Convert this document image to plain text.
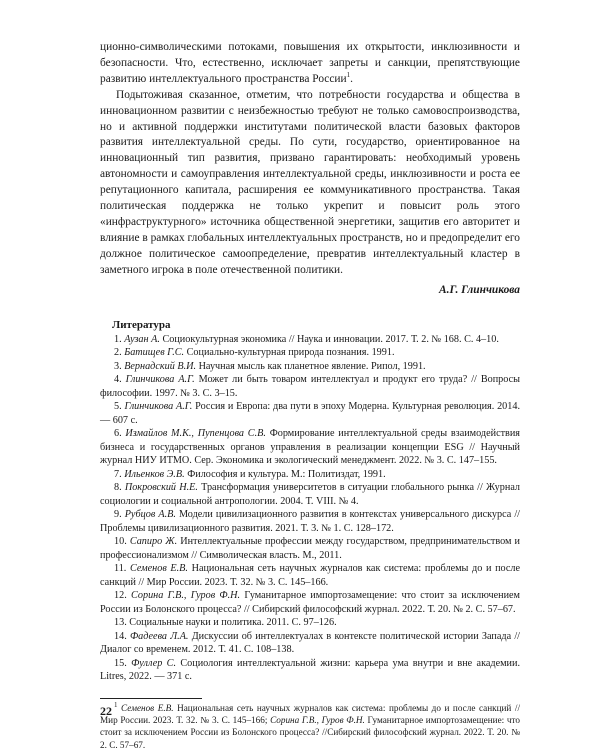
ционно-символическими потоками, повышения их открытости, инклюзивности и безопасности. Что, естественно, исключает запреты и санкции, препятствующие развитию интеллектуального пространства России$^1$.

Подытоживая сказанное, отметим, что потребности государства и общества в инновационном развитии с неизбежностью требуют не только самовоспроизводства, но и активной поддержки институтами политической власти базовых факторов развития интеллектуальной среды. По сути, государство, ориентированное на инновационный тип развития, призвано гарантировать: необходимый уровень автономности и самоуправления интеллектуальной среды, инклюзивности и роста ее репутационного капитала, расширения ее коммуникативного пространства. Такая политическая поддержка не только укрепит и повысит роль этого «инфраструктурного» источника общественной энергетики, защитив его авторитет и влияние в рамках глобальных интеллектуальных пространств, но и предопределит его должное политическое самоопределение, превратив интеллектуальный кластер в заметного игрока в поле отечественной политики.

А.Г. Глинчикова

Литература

1. Аузан А. Социокультурная экономика // Наука и инновации. 2017. Т. 2. № 168. С. 4–10.

2. Батищев Г.С. Социально-культурная природа познания. 1991.

3. Вернадский В.И. Научная мысль как планетное явление. Рипол, 1991.

4. Глинчикова А.Г. Может ли быть товаром интеллектуал и продукт его труда? // Вопросы философии. 1997. № 3. С. 3–15.

5. Глинчикова А.Г. Россия и Европа: два пути в эпоху Модерна. Культурная революция. 2014. — 607 с.

6. Измайлов М.К., Пупенцова С.В. Формирование интеллектуальной среды взаимодействия бизнеса и государственных органов управления в реализации концепции ESG // Научный журнал НИУ ИТМО. Сер. Экономика и экологический менеджмент. 2022. № 3. С. 147–155.

7. Ильенков Э.В. Философия и культура. М.: Политиздат, 1991.

8. Покровский Н.Е. Трансформация университетов в ситуации глобального рынка // Журнал социологии и социальной антропологии. 2004. Т. VIII. № 4.

9. Рубцов А.В. Модели цивилизационного развития в контекстах универсального дискурса // Проблемы цивилизационного развития. 2021. Т. 3. № 1. С. 128–172.

10. Сапиро Ж. Интеллектуальные профессии между государством, предпринимательством и профессионализмом // Символическая власть. М., 2011.

11. Семенов Е.В. Национальная сеть научных журналов как система: проблемы до и после санкций // Мир России. 2023. Т. 32. № 3. С. 145–166.

12. Сорина Г.В., Гуров Ф.Н. Гуманитарное импортозамещение: что стоит за исключением России из Болонского процесса? // Сибирский философский журнал. 2022. Т. 20. № 2. С. 57–67.

13. Социальные науки и политика. 2011. С. 97–126.

14. Фадеева Л.А. Дискуссии об интеллектуалах в контексте политической истории Запада // Диалог со временем. 2012. Т. 41. С. 108–138.

15. Фуллер С. Социология интеллектуальной жизни: карьера ума внутри и вне академии. Litres, 2022. — 371 с.

$^1$ Семенов Е.В. Национальная сеть научных журналов как система: проблемы до и после санкций // Мир России. 2023. Т. 32. № 3. С. 145–166; Сорина Г.В., Гуров Ф.Н. Гуманитарное импортозамещение: что стоит за исключением России из Болонского процесса? //Сибирский философский журнал. 2022. Т. 20. № 2. С. 57–67.

22
